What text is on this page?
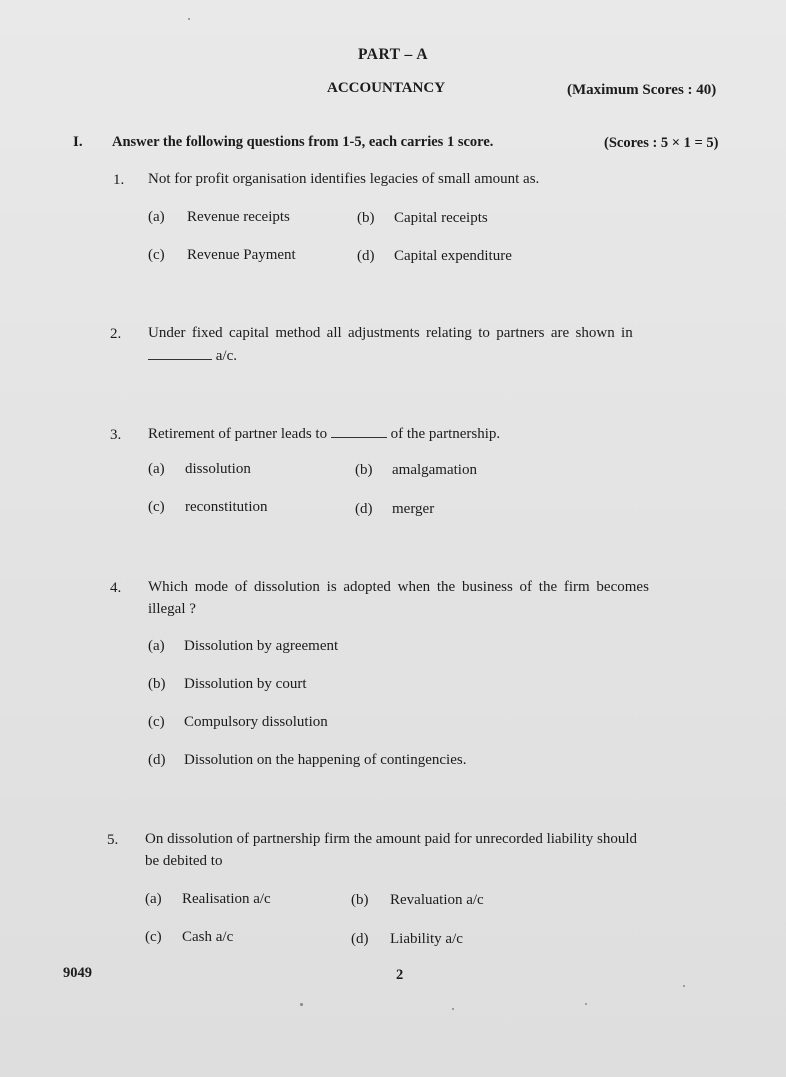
PART – A
ACCOUNTANCY	(Maximum Scores : 40)
I. Answer the following questions from 1-5, each carries 1 score.	(Scores : 5 × 1 = 5)
1. Not for profit organisation identifies legacies of small amount as.
(a) Revenue receipts	(b) Capital receipts
(c) Revenue Payment	(d) Capital expenditure
2. Under fixed capital method all adjustments relating to partners are shown in
a/c.
3. Retirement of partner leads to	of the partnership.
(a) dissolution	(b) amalgamation
(c) reconstitution	(d) merger
4. Which mode of dissolution is adopted when the business of the firm becomes
illegal ?
(a) Dissolution by agreement
(b) Dissolution by court
(c) Compulsory dissolution
(d) Dissolution on the happening of contingencies.
5. On dissolution of partnership firm the amount paid for unrecorded liability should
be debited to
(a) Realisation a/c	(b) Revaluation a/c
(c) Cash a/c	(d) Liability a/c
9049	2
